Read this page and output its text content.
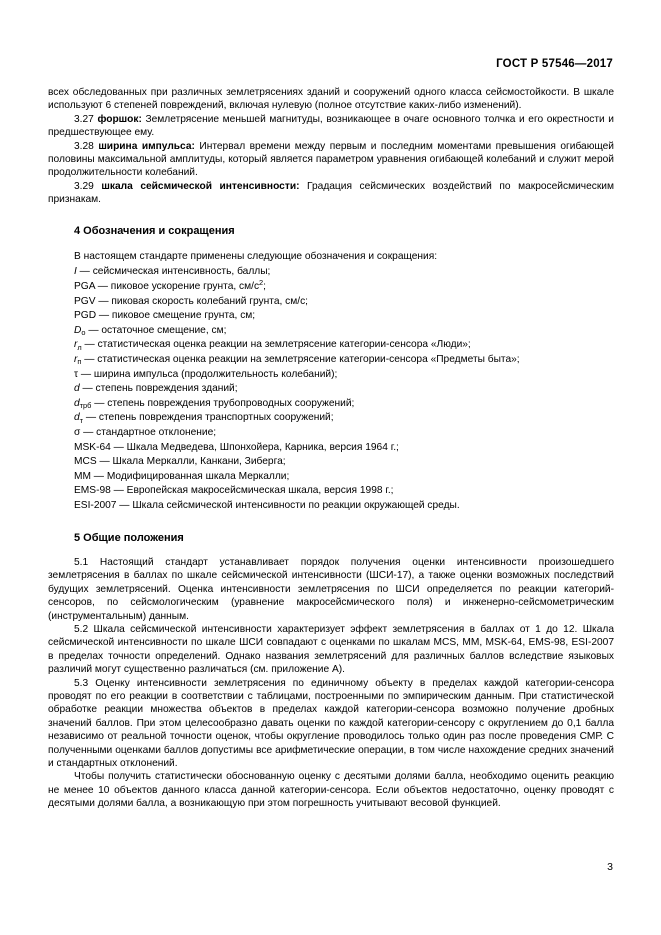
ГОСТ Р 57546—2017

всех обследованных при различных землетрясениях зданий и сооружений одного класса сейсмостойкости. В шкале используют 6 степеней повреждений, включая нулевую (полное отсутствие каких-либо изменений).

3.27 форшок: Землетрясение меньшей магнитуды, возникающее в очаге основного толчка и его окрестности и предшествующее ему.

3.28 ширина импульса: Интервал времени между первым и последним моментами превышения огибающей половины максимальной амплитуды, который является параметром уравнения огибающей колебаний и служит мерой продолжительности колебаний.

3.29 шкала сейсмической интенсивности: Градация сейсмических воздействий по макросейсмическим признакам.

4 Обозначения и сокращения

В настоящем стандарте применены следующие обозначения и сокращения:

I — сейсмическая интенсивность, баллы;

PGA — пиковое ускорение грунта, $см/с^2$;

PGV — пиковая скорость колебаний грунта, см/с;

PGD — пиковое смещение грунта, см;

$D_о$ — остаточное смещение, см;

$r_л$ — статистическая оценка реакции на землетрясение категории-сенсора «Люди»;

$r_п$ — статистическая оценка реакции на землетрясение категории-сенсора «Предметы быта»;

τ — ширина импульса (продолжительность колебаний);

d — степень повреждения зданий;

$d_{трб}$ — степень повреждения трубопроводных сооружений;

$d_т$ — степень повреждения транспортных сооружений;

σ — стандартное отклонение;

MSK-64 — Шкала Медведева, Шпонхойера, Карника, версия 1964 г.;

MCS — Шкала Меркалли, Канкани, Зиберга;

MM — Модифицированная шкала Меркалли;

EMS-98 — Европейская макросейсмическая шкала, версия 1998 г.;

ESI-2007 — Шкала сейсмической интенсивности по реакции окружающей среды.

5 Общие положения

5.1 Настоящий стандарт устанавливает порядок получения оценки интенсивности произошедшего землетрясения в баллах по шкале сейсмической интенсивности (ШСИ-17), а также оценки возможных последствий будущих землетрясений. Оценка интенсивности землетрясения по ШСИ определяется по реакции категорий-сенсоров, по сейсмологическим (уравнение макросейсмического поля) и инженерно-сейсмометрическим (инструментальным) данным.

5.2 Шкала сейсмической интенсивности характеризует эффект землетрясения в баллах от 1 до 12. Шкала сейсмической интенсивности по шкале ШСИ совпадают с оценками по шкалам MCS, MM, MSK-64, EMS-98, ESI-2007 в пределах точности определений. Однако названия землетрясений для различных баллов вследствие языковых различий могут существенно различаться (см. приложение А).

5.3 Оценку интенсивности землетрясения по единичному объекту в пределах каждой категории-сенсора проводят по его реакции в соответствии с таблицами, построенными по эмпирическим данным. При статистической обработке реакции множества объектов в пределах каждой категории-сенсора возможно получение дробных значений баллов. При этом целесообразно давать оценки по каждой категории-сенсору с округлением до 0,1 балла независимо от реальной точности оценок, чтобы округление проводилось только один раз после проведения СМР. С полученными оценками баллов допустимы все арифметические операции, в том числе нахождение средних значений и стандартных отклонений.

Чтобы получить статистически обоснованную оценку с десятыми долями балла, необходимо оценить реакцию не менее 10 объектов данного класса данной категории-сенсора. Если объектов недостаточно, оценку проводят с десятыми долями балла, а возникающую при этом погрешность учитывают весовой функцией.

3
